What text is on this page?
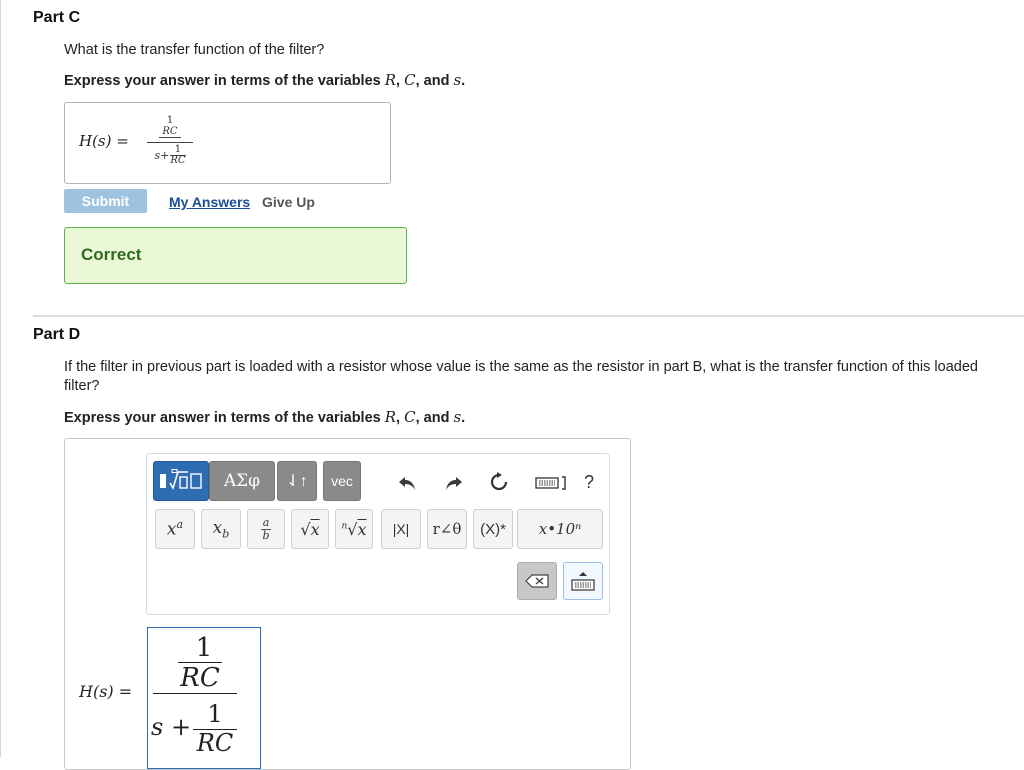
Part C
What is the transfer function of the filter?
Express your answer in terms of the variables R, C, and s.
H(s) =
1
RC
$s+ \frac{1}{RC}$
Submit	My Answers Give Up
Correct
Part D
If the filter in previous part is loaded with a resistor whose value is the same as the resistor in part B, what is the transfer function of this loaded filter?
Express your answer in terms of the variables R, C, and s.
ΑΣφ	⇃↑	vec	?
$x^a$ $x_b$
a

b √x $^n$√x	|X|	r∠θ	(X)*	x•10ⁿ
H(s) =
1
RC
s + 1
RC
